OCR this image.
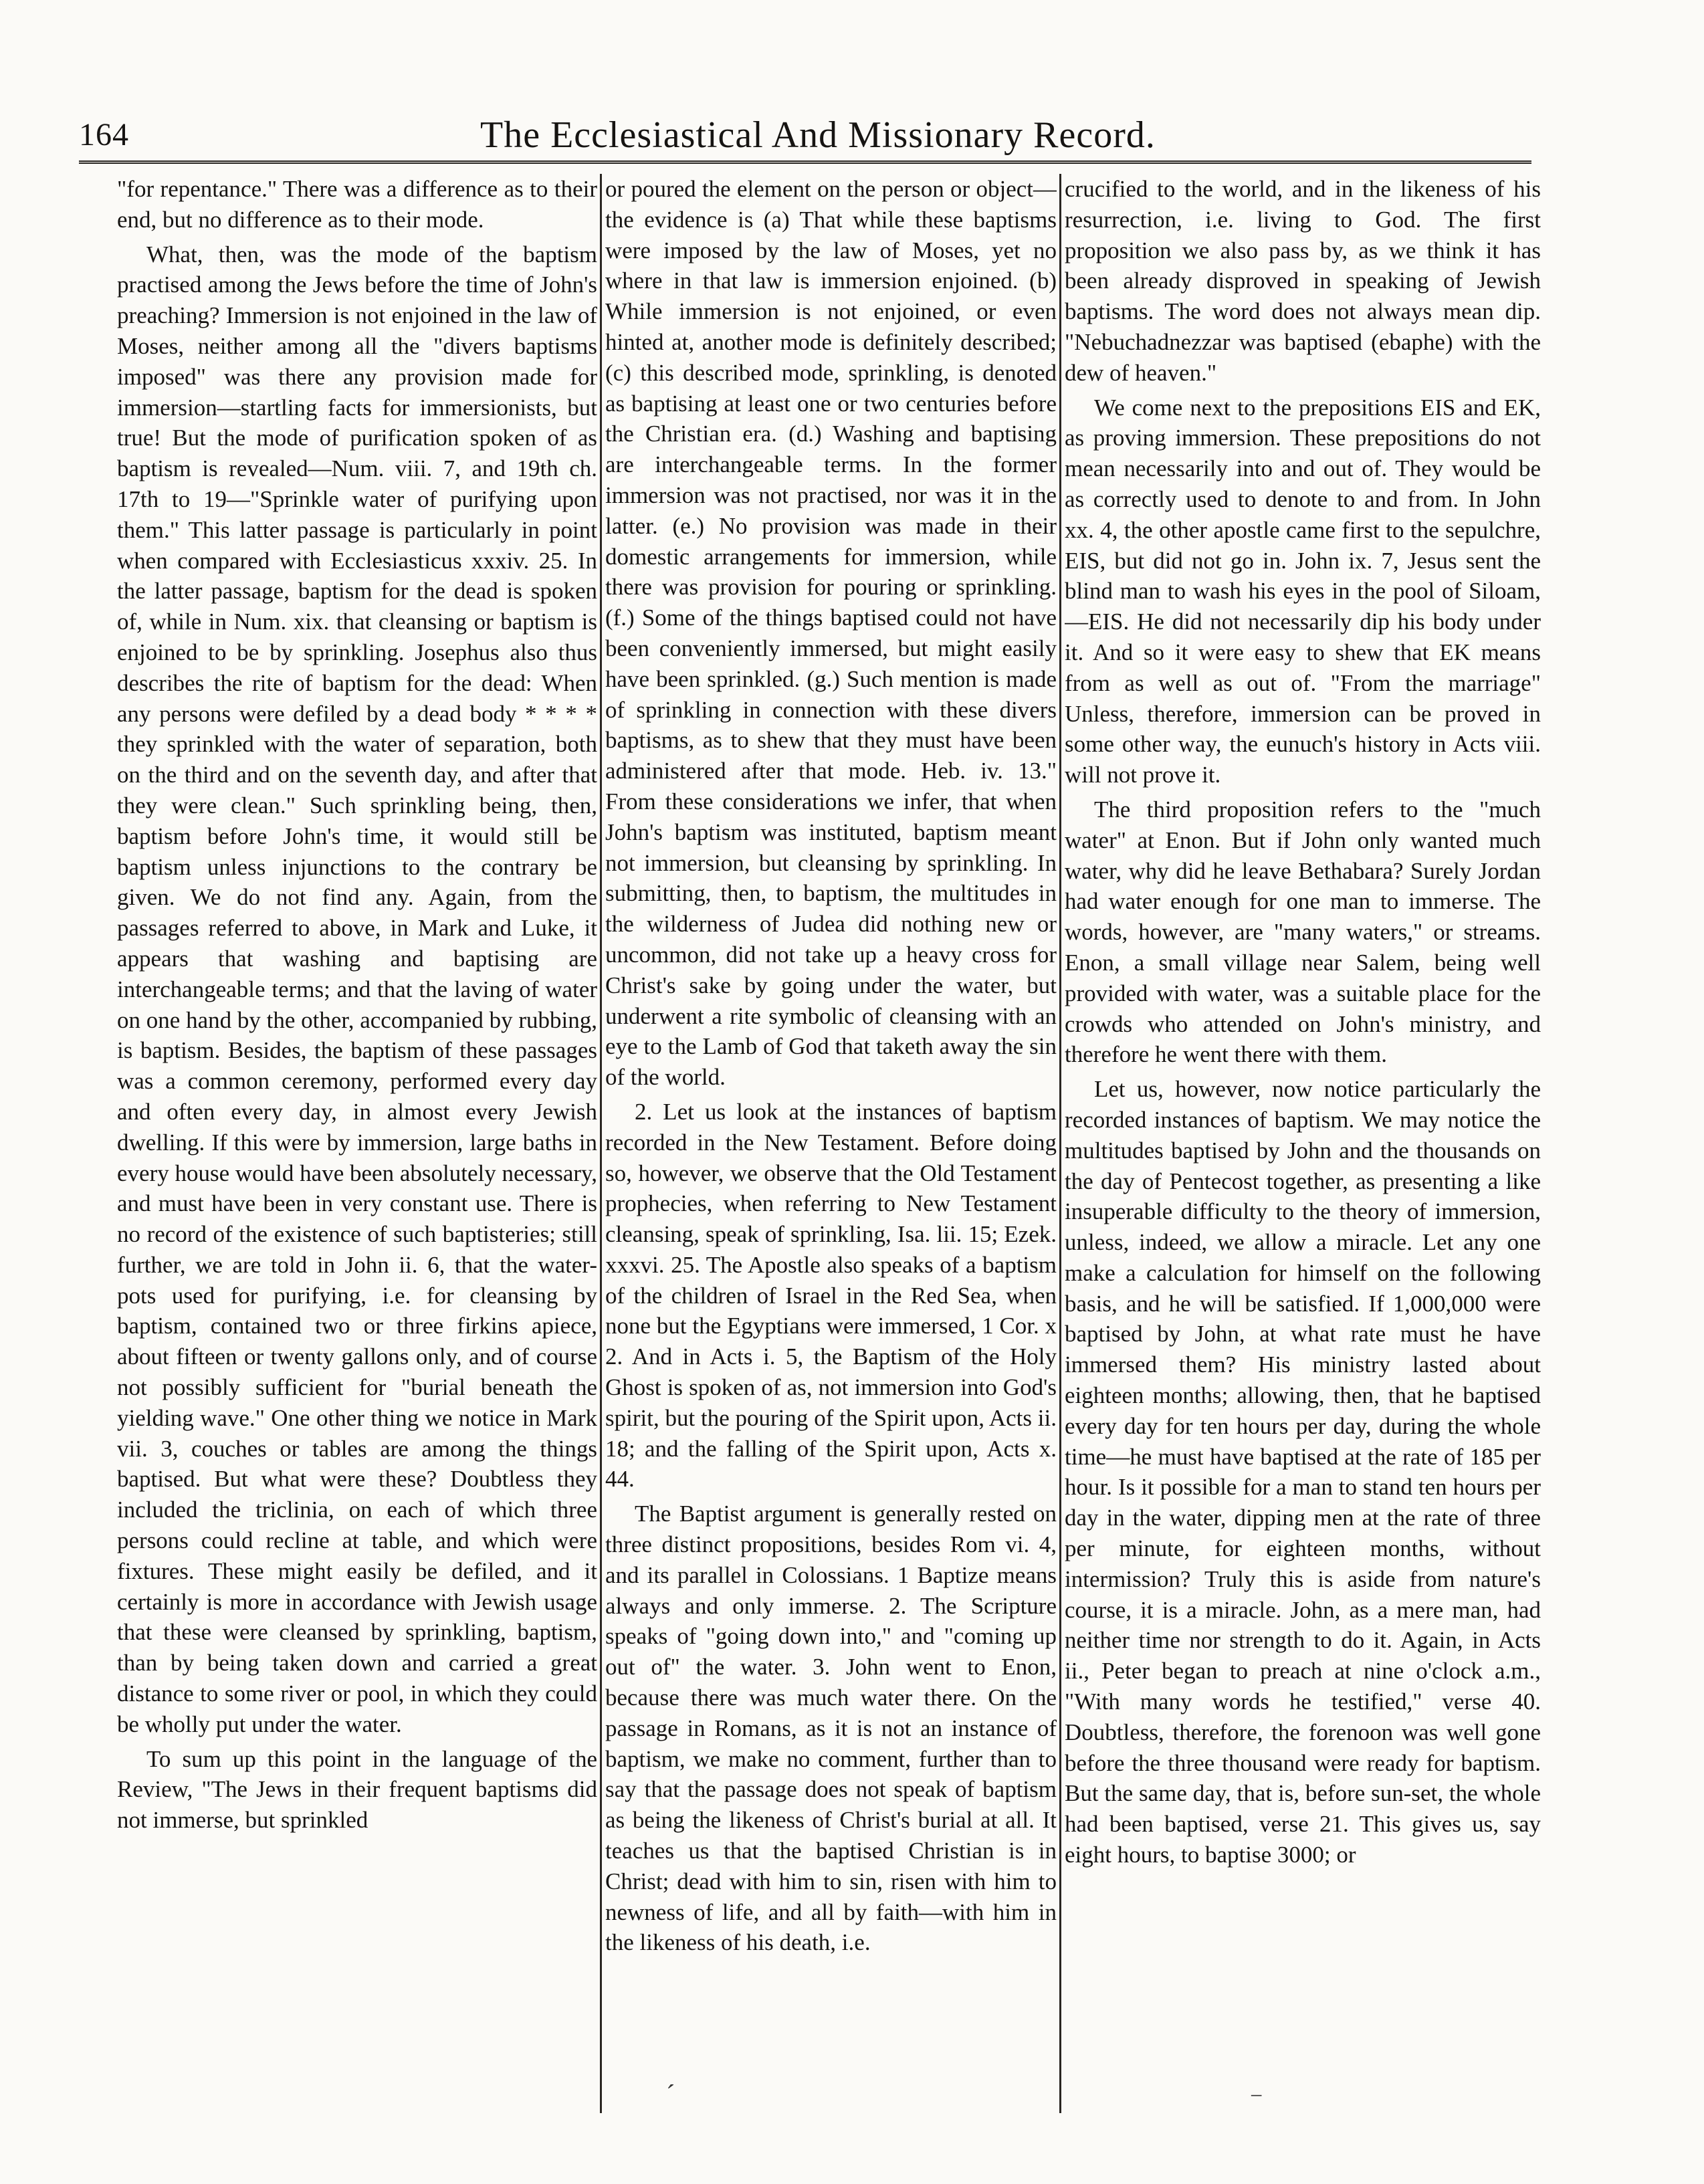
164	The Ecclesiastical And Missionary Record.

"for repentance." There was a difference as to their end, but no difference as to their mode.

What, then, was the mode of the baptism practised among the Jews before the time of John's preaching? Immersion is not enjoined in the law of Moses, neither among all the "divers baptisms imposed" was there any provision made for immersion—startling facts for immersionists, but true! But the mode of purification spoken of as baptism is revealed—Num. viii. 7, and 19th ch. 17th to 19—"Sprinkle water of purifying upon them." This latter passage is particularly in point when compared with Ecclesiasticus xxxiv. 25. In the latter passage, baptism for the dead is spoken of, while in Num. xix. that cleansing or baptism is enjoined to be by sprinkling. Josephus also thus describes the rite of baptism for the dead: When any persons were defiled by a dead body * * * * they sprinkled with the water of separation, both on the third and on the seventh day, and after that they were clean." Such sprinkling being, then, baptism before John's time, it would still be baptism unless injunctions to the contrary be given. We do not find any. Again, from the passages referred to above, in Mark and Luke, it appears that washing and baptising are interchangeable terms; and that the laving of water on one hand by the other, accompanied by rubbing, is baptism. Besides, the baptism of these passages was a common ceremony, performed every day and often every day, in almost every Jewish dwelling. If this were by immersion, large baths in every house would have been absolutely necessary, and must have been in very constant use. There is no record of the existence of such baptisteries; still further, we are told in John ii. 6, that the water-pots used for purifying, i.e. for cleansing by baptism, contained two or three firkins apiece, about fifteen or twenty gallons only, and of course not possibly sufficient for "burial beneath the yielding wave." One other thing we notice in Mark vii. 3, couches or tables are among the things baptised. But what were these? Doubtless they included the triclinia, on each of which three persons could recline at table, and which were fixtures. These might easily be defiled, and it certainly is more in accordance with Jewish usage that these were cleansed by sprinkling, baptism, than by being taken down and carried a great distance to some river or pool, in which they could be wholly put under the water.

To sum up this point in the language of the Review, "The Jews in their frequent baptisms did not immerse, but sprinkled

or poured the element on the person or object—the evidence is (a) That while these baptisms were imposed by the law of Moses, yet no where in that law is immersion enjoined. (b) While immersion is not enjoined, or even hinted at, another mode is definitely described; (c) this described mode, sprinkling, is denoted as baptising at least one or two centuries before the Christian era. (d.) Washing and baptising are interchangeable terms. In the former immersion was not practised, nor was it in the latter. (e.) No provision was made in their domestic arrangements for immersion, while there was provision for pouring or sprinkling. (f.) Some of the things baptised could not have been conveniently immersed, but might easily have been sprinkled. (g.) Such mention is made of sprinkling in connection with these divers baptisms, as to shew that they must have been administered after that mode. Heb. iv. 13." From these considerations we infer, that when John's baptism was instituted, baptism meant not immersion, but cleansing by sprinkling. In submitting, then, to baptism, the multitudes in the wilderness of Judea did nothing new or uncommon, did not take up a heavy cross for Christ's sake by going under the water, but underwent a rite symbolic of cleansing with an eye to the Lamb of God that taketh away the sin of the world.

2. Let us look at the instances of baptism recorded in the New Testament. Before doing so, however, we observe that the Old Testament prophecies, when referring to New Testament cleansing, speak of sprinkling, Isa. lii. 15; Ezek. xxxvi. 25. The Apostle also speaks of a baptism of the children of Israel in the Red Sea, when none but the Egyptians were immersed, 1 Cor. x 2. And in Acts i. 5, the Baptism of the Holy Ghost is spoken of as, not immersion into God's spirit, but the pouring of the Spirit upon, Acts ii. 18; and the falling of the Spirit upon, Acts x. 44.

The Baptist argument is generally rested on three distinct propositions, besides Rom vi. 4, and its parallel in Colossians. 1 Baptize means always and only immerse. 2. The Scripture speaks of "going down into," and "coming up out of" the water. 3. John went to Enon, because there was much water there. On the passage in Romans, as it is not an instance of baptism, we make no comment, further than to say that the passage does not speak of baptism as being the likeness of Christ's burial at all. It teaches us that the baptised Christian is in Christ; dead with him to sin, risen with him to newness of life, and all by faith—with him in the likeness of his death, i.e.

crucified to the world, and in the likeness of his resurrection, i.e. living to God. The first proposition we also pass by, as we think it has been already disproved in speaking of Jewish baptisms. The word does not always mean dip. "Nebuchadnezzar was baptised (ebaphe) with the dew of heaven."

We come next to the prepositions EIS and EK, as proving immersion. These prepositions do not mean necessarily into and out of. They would be as correctly used to denote to and from. In John xx. 4, the other apostle came first to the sepulchre, EIS, but did not go in. John ix. 7, Jesus sent the blind man to wash his eyes in the pool of Siloam,—EIS. He did not necessarily dip his body under it. And so it were easy to shew that EK means from as well as out of. "From the marriage" Unless, therefore, immersion can be proved in some other way, the eunuch's history in Acts viii. will not prove it.

The third proposition refers to the "much water" at Enon. But if John only wanted much water, why did he leave Bethabara? Surely Jordan had water enough for one man to immerse. The words, however, are "many waters," or streams. Enon, a small village near Salem, being well provided with water, was a suitable place for the crowds who attended on John's ministry, and therefore he went there with them.

Let us, however, now notice particularly the recorded instances of baptism. We may notice the multitudes baptised by John and the thousands on the day of Pentecost together, as presenting a like insuperable difficulty to the theory of immersion, unless, indeed, we allow a miracle. Let any one make a calculation for himself on the following basis, and he will be satisfied. If 1,000,000 were baptised by John, at what rate must he have immersed them? His ministry lasted about eighteen months; allowing, then, that he baptised every day for ten hours per day, during the whole time—he must have baptised at the rate of 185 per hour. Is it possible for a man to stand ten hours per day in the water, dipping men at the rate of three per minute, for eighteen months, without intermission? Truly this is aside from nature's course, it is a miracle. John, as a mere man, had neither time nor strength to do it. Again, in Acts ii., Peter began to preach at nine o'clock a.m., "With many words he testified," verse 40. Doubtless, therefore, the forenoon was well gone before the three thousand were ready for baptism. But the same day, that is, before sun-set, the whole had been baptised, verse 21. This gives us, say eight hours, to baptise 3000; or

´	‾
